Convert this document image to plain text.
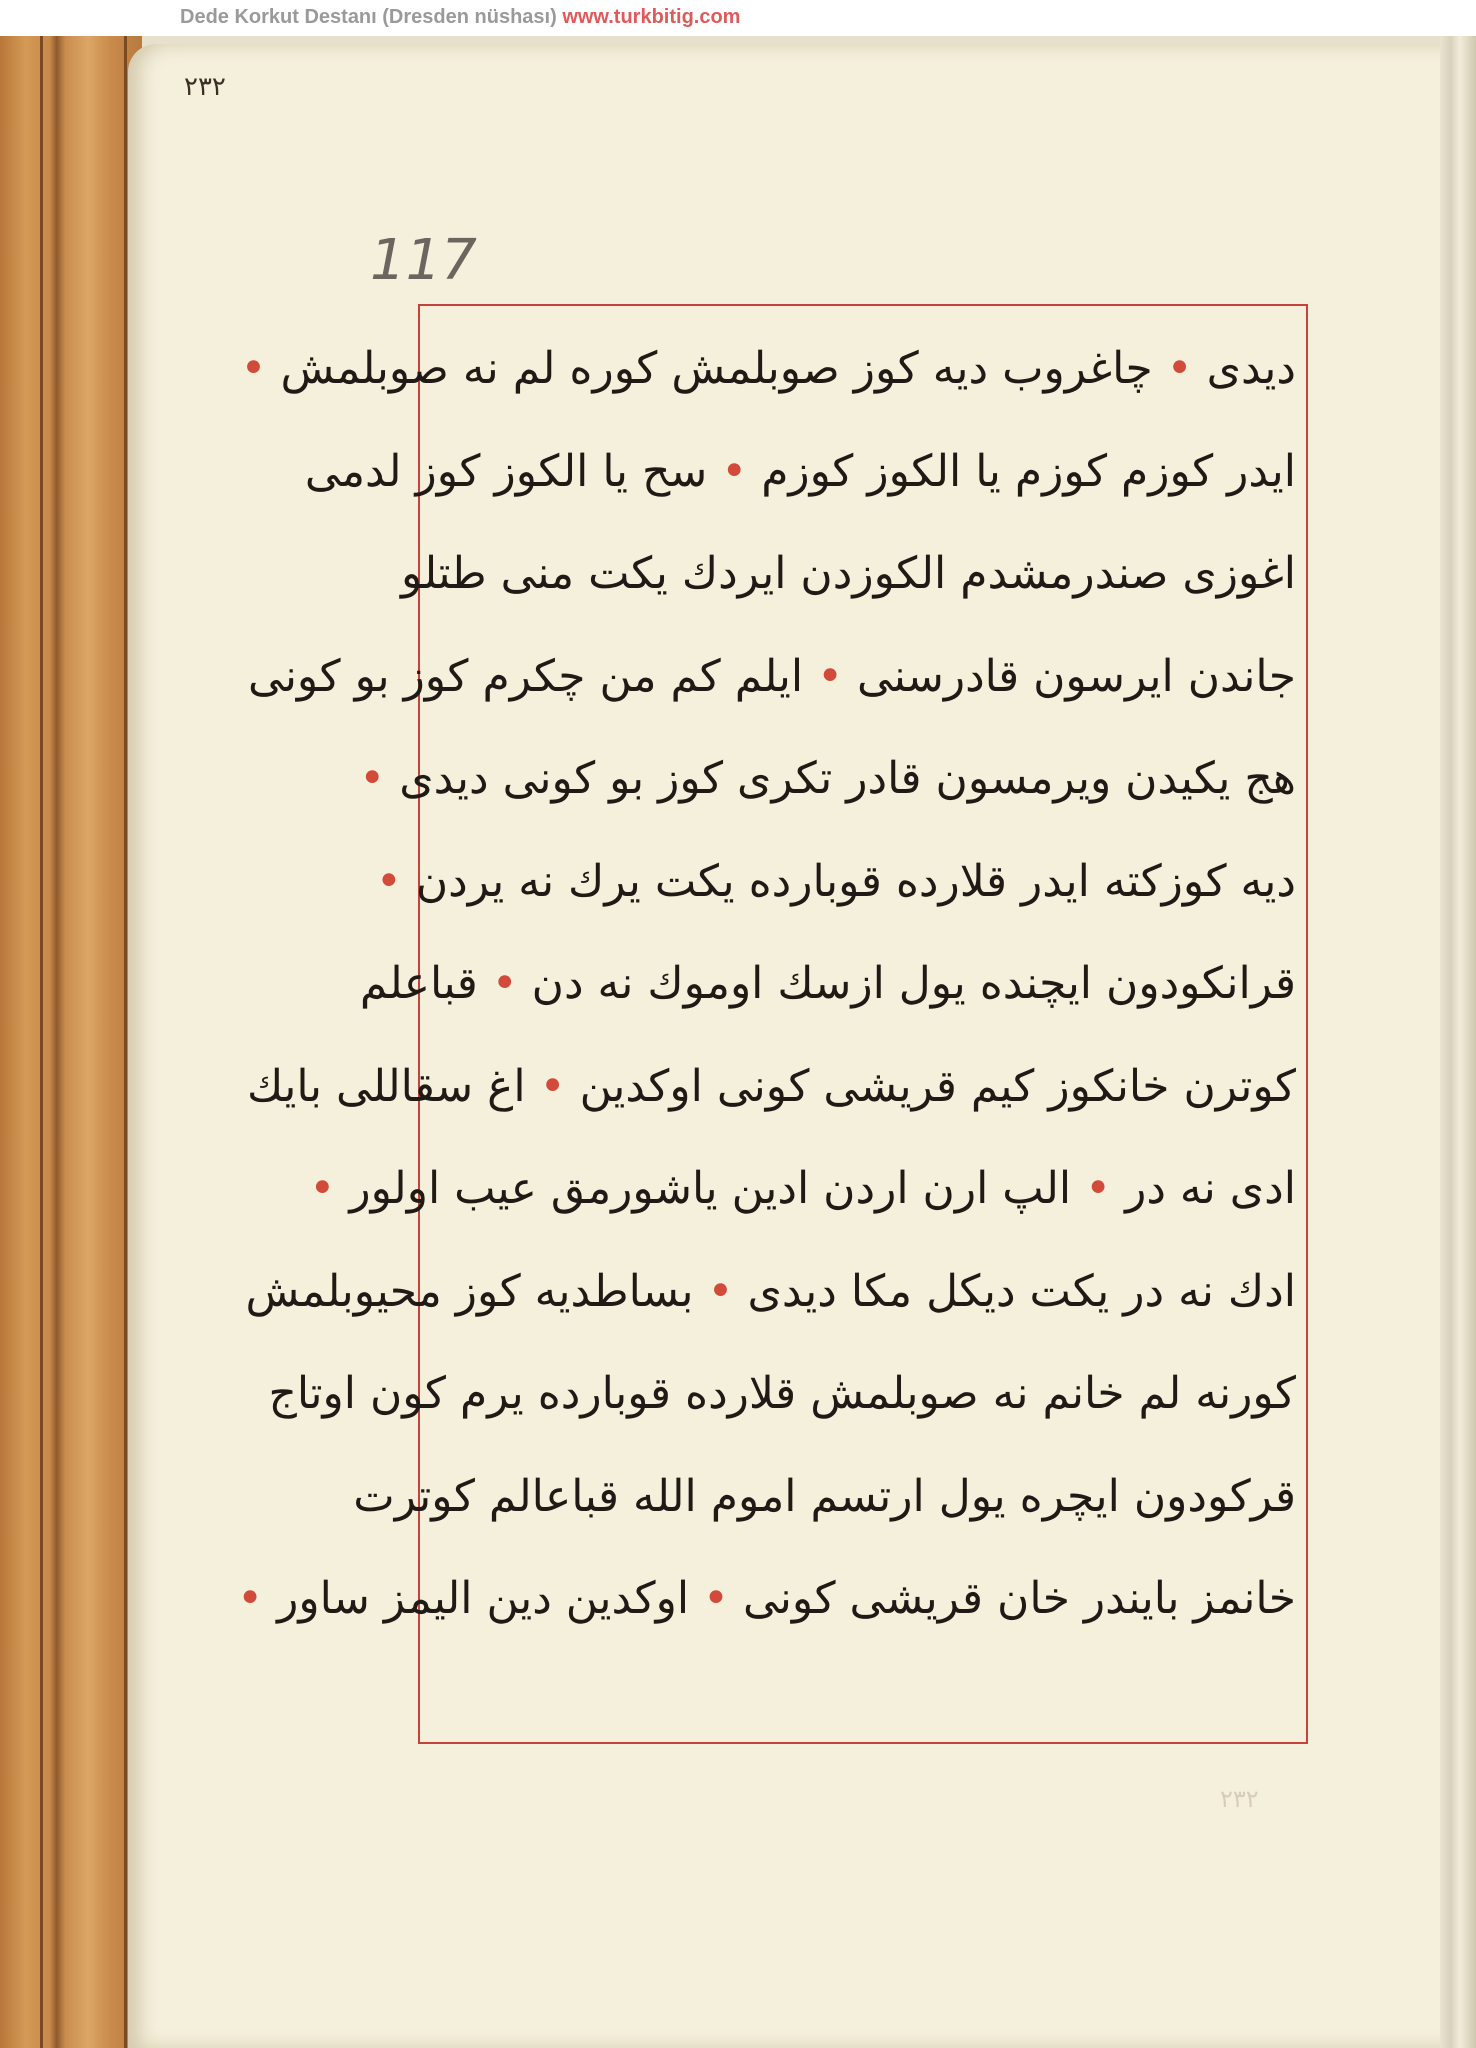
Dede Korkut Destanı (Dresden nüshası) www.turkbitig.com
٢٣٢
117
دیدی • چاغروب دیه کوز صوبلمش کوره لم نه صوبلمش •
ایدر کوزم کوزم یا الکوز کوزم • سح یا الکوز کوز لدمی
اغوزی صندرمشدم الکوزدن ایردك یکت منی طتلو
جاندن ایرسون قادرسنی • ایلم کم من چکرم کوز بو کونی
هج یکیدن ویرمسون قادر تکری کوز بو کونی دیدی •
دیه کوزکته ایدر قلارده قوبارده یکت یرك نه یردن •
قرانکودون ایچنده یول ازسك اوموك نه دن • قباعلم
کوترن خانکوز کیم قریشی کونی اوکدین • اغ سقاللی بایك
ادی نه در • الپ ارن اردن ادین یاشورمق عیب اولور •
ادك نه در یکت دیکل مکا دیدی • بساطدیه کوز محیوبلمش
کورنه لم خانم نه صوبلمش قلارده قوبارده یرم کون اوتاج
قرکودون ایچره یول ارتسم اموم الله قباعالم کوترت
خانمز بایندر خان قریشی کونی • اوکدین دین الیمز ساور •
٢٣٢
